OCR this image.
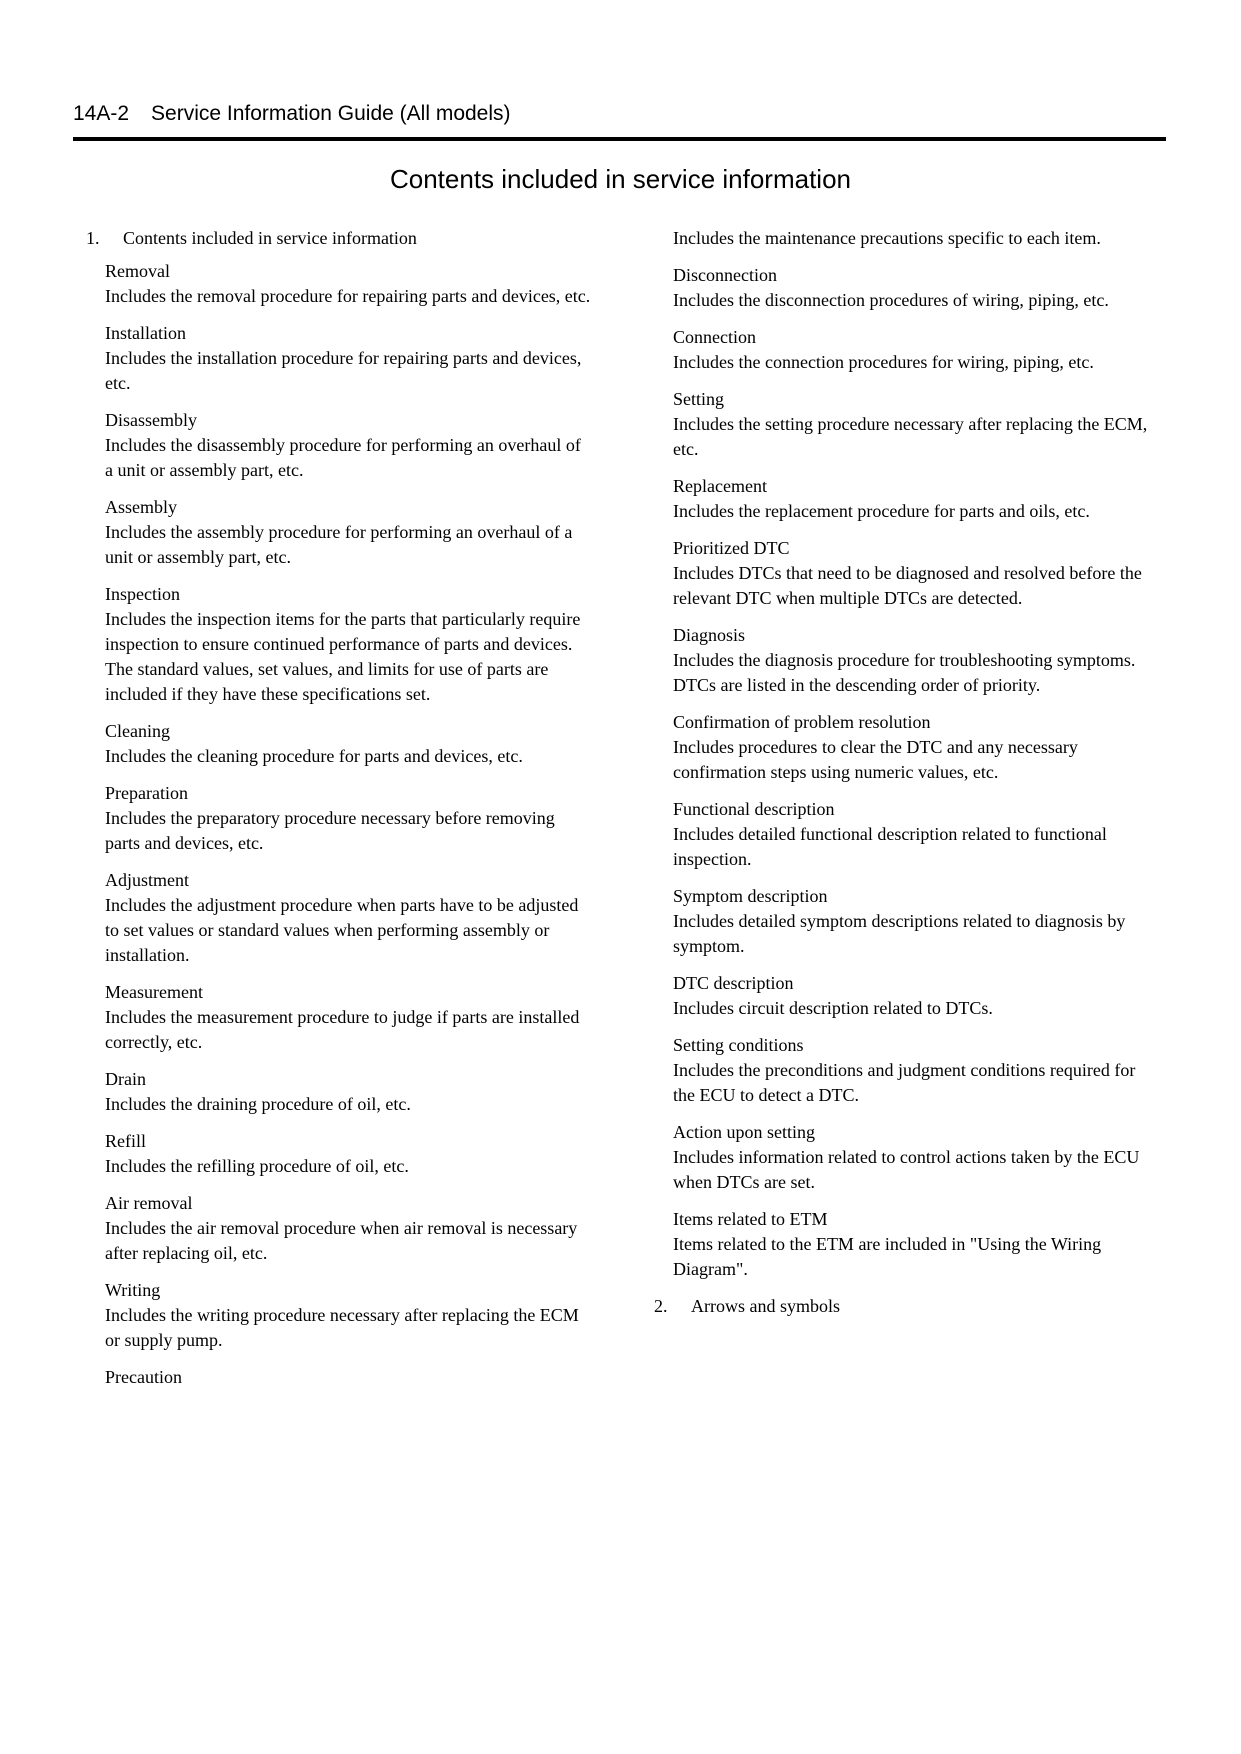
14A-2 Service Information Guide (All models)
Contents included in service information
1.	Contents included in service information
Removal
Includes the removal procedure for repairing parts and devices, etc.
Installation
Includes the installation procedure for repairing parts and devices, etc.
Disassembly
Includes the disassembly procedure for performing an overhaul of a unit or assembly part, etc.
Assembly
Includes the assembly procedure for performing an overhaul of a unit or assembly part, etc.
Inspection
Includes the inspection items for the parts that particularly require inspection to ensure continued performance of parts and devices.
The standard values, set values, and limits for use of parts are included if they have these specifications set.
Cleaning
Includes the cleaning procedure for parts and devices, etc.
Preparation
Includes the preparatory procedure necessary before removing parts and devices, etc.
Adjustment
Includes the adjustment procedure when parts have to be adjusted to set values or standard values when performing assembly or installation.
Measurement
Includes the measurement procedure to judge if parts are installed correctly, etc.
Drain
Includes the draining procedure of oil, etc.
Refill
Includes the refilling procedure of oil, etc.
Air removal
Includes the air removal procedure when air removal is necessary after replacing oil, etc.
Writing
Includes the writing procedure necessary after replacing the ECM or supply pump.
Precaution
Includes the maintenance precautions specific to each item.
Disconnection
Includes the disconnection procedures of wiring, piping, etc.
Connection
Includes the connection procedures for wiring, piping, etc.
Setting
Includes the setting procedure necessary after replacing the ECM, etc.
Replacement
Includes the replacement procedure for parts and oils, etc.
Prioritized DTC
Includes DTCs that need to be diagnosed and resolved before the relevant DTC when multiple DTCs are detected.
Diagnosis
Includes the diagnosis procedure for troubleshooting symptoms.
DTCs are listed in the descending order of priority.
Confirmation of problem resolution
Includes procedures to clear the DTC and any necessary confirmation steps using numeric values, etc.
Functional description
Includes detailed functional description related to functional inspection.
Symptom description
Includes detailed symptom descriptions related to diagnosis by symptom.
DTC description
Includes circuit description related to DTCs.
Setting conditions
Includes the preconditions and judgment conditions required for the ECU to detect a DTC.
Action upon setting
Includes information related to control actions taken by the ECU when DTCs are set.
Items related to ETM
Items related to the ETM are included in "Using the Wiring Diagram".
2.	Arrows and symbols
